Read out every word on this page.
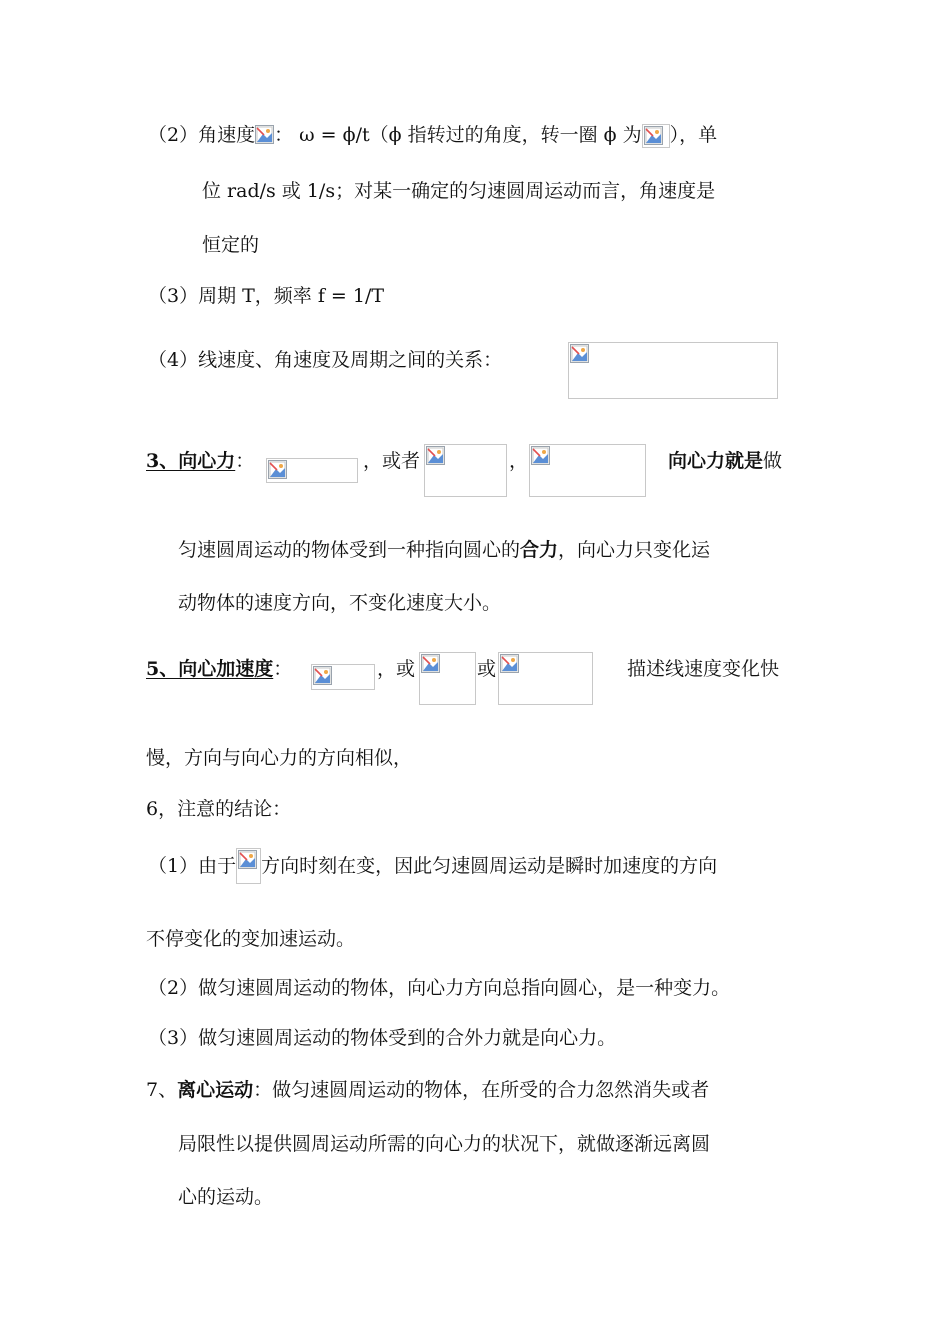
（2）角速度 ： ω = ϕ/t（ϕ 指转过的角度，转一圈 ϕ 为 ），单
位 rad/s 或 1/s；对某一确定的匀速圆周运动而言，角速度是
恒定的
（3）周期 T，频率 f = 1/T
（4）线速度、角速度及周期之间的关系：
3、向心力：	，或者	，	向心力就是做
匀速圆周运动的物体受到一种指向圆心的合力，向心力只变化运
动物体的速度方向，不变化速度大小。
5、向心加速度：	，或	或	描述线速度变化快
慢，方向与向心力的方向相似，
6，注意的结论：
（1）由于 方向时刻在变，因此匀速圆周运动是瞬时加速度的方向
不停变化的变加速运动。
（2）做匀速圆周运动的物体，向心力方向总指向圆心，是一种变力。
（3）做匀速圆周运动的物体受到的合外力就是向心力。
7、离心运动：做匀速圆周运动的物体，在所受的合力忽然消失或者
局限性以提供圆周运动所需的向心力的状况下，就做逐渐远离圆
心的运动。
